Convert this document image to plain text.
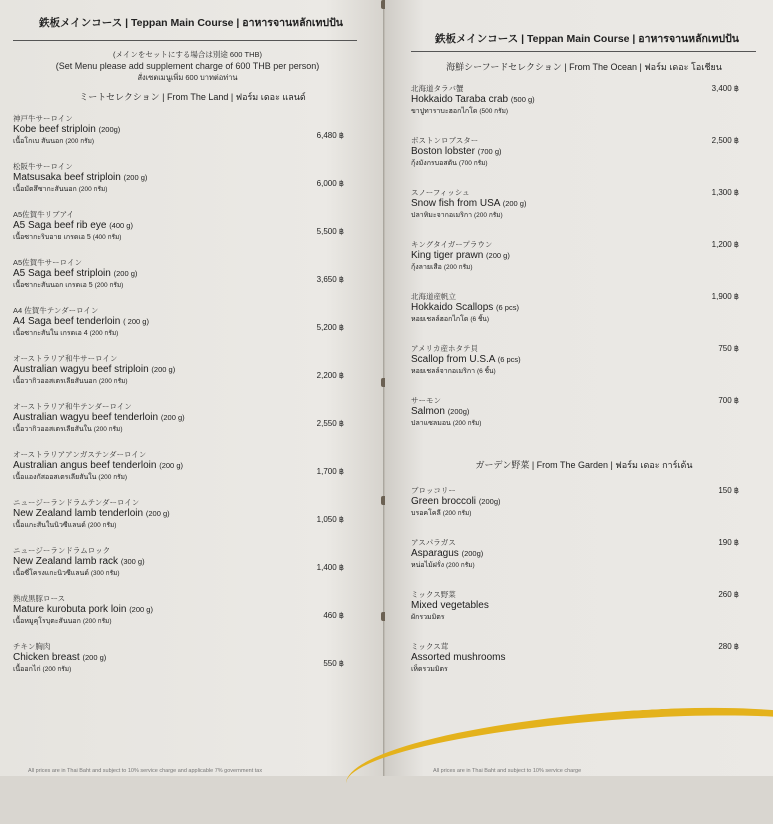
鉄板メインコース | Teppan Main Course | อาหารจานหลักเทปปัน
(メインをセットにする場合は別途 600 THB)
(Set Menu please add supplement charge of 600 THB per person)
สั่งเซตเมนูเพิ่ม 600 บาทต่อท่าน
ミートセレクション | From The Land | ฟอร์ม เดอะ แลนด์
神戸牛サーロイン
Kobe beef striploin (200g)
เนื้อโกเบ สันนอก (200 กรัม)
6,480 ฿
松阪牛サーロイン
Matsusaka beef striploin (200 g)
เนื้อมัตสึซากะสันนอก (200 กรัม)
6,000 ฿
A5佐賀牛リブアイ
A5 Saga beef rib eye (400 g)
เนื้อซากะริบอาย เกรดเอ 5 (400 กรัม)
5,500 ฿
A5佐賀牛サーロイン
A5 Saga beef striploin (200 g)
เนื้อซากะสันนอก เกรดเอ 5 (200 กรัม)
3,650 ฿
A4 佐賀牛テンダーロイン
A4 Saga beef tenderloin ( 200 g)
เนื้อซากะสันใน เกรดเอ 4 (200 กรัม)
5,200 ฿
オーストラリア和牛サーロイン
Australian wagyu beef striploin (200 g)
เนื้อวากิวออสเตรเลียสันนอก (200 กรัม)
2,200 ฿
オーストラリア和牛テンダーロイン
Australian wagyu beef tenderloin (200 g)
เนื้อวากิวออสเตรเลียสันใน (200 กรัม)
2,550 ฿
オーストラリアアンガステンダーロイン
Australian angus beef tenderloin (200 g)
เนื้อแองกัสออสเตรเลียสันใน (200 กรัม)
1,700 ฿
ニュージーランドラムテンダーロイン
New Zealand lamb tenderloin (200 g)
เนื้อแกะสันในนิวซีแลนด์ (200 กรัม)
1,050 ฿
ニュージーランドラムロック
New Zealand lamb rack (300 g)
เนื้อซี่โครงแกะนิวซีแลนด์ (300 กรัม)
1,400 ฿
熟成黒豚ロース
Mature kurobuta pork loin (200 g)
เนื้อหมูคุโรบุตะสันนอก (200 กรัม)
460 ฿
チキン胸肉
Chicken breast (200 g)
เนื้ออกไก่ (200 กรัม)
550 ฿
All prices are in Thai Baht and subject to 10% service charge and applicable 7% government tax
鉄板メインコース | Teppan Main Course | อาหารจานหลักเทปปัน
海鮮シーフードセレクション | From The Ocean | ฟอร์ม เดอะ โอเชียน
北海道タラバ蟹
Hokkaido Taraba crab (500 g)
ขาปูทาราบะฮอกไกโด (500 กรัม)
3,400 ฿
ボストンロブスター
Boston lobster (700 g)
กุ้งมังกรบอสตัน (700 กรัม)
2,500 ฿
スノーフィッシュ
Snow fish from USA (200 g)
ปลาหิมะจากอเมริกา (200 กรัม)
1,300 ฿
キングタイガープラウン
King tiger prawn (200 g)
กุ้งลายเสือ (200 กรัม)
1,200 ฿
北海道産帆立
Hokkaido Scallops (6 pcs)
หอยเชลล์ฮอกไกโด (6 ชิ้น)
1,900 ฿
アメリカ産ホタテ貝
Scallop from U.S.A (6 pcs)
หอยเชลล์จากอเมริกา (6 ชิ้น)
750 ฿
サーモン
Salmon (200g)
ปลาแซลมอน (200 กรัม)
700 ฿
ガーデン野菜 | From The Garden | ฟอร์ม เดอะ การ์เด้น
ブロッコリー
Green broccoli (200g)
บรอคโคลี (200 กรัม)
150 ฿
アスパラガス
Asparagus (200g)
หน่อไม้ฝรั่ง (200 กรัม)
190 ฿
ミックス野菜
Mixed vegetables
ผักรวมมิตร
260 ฿
ミックス茸
Assorted mushrooms
เห็ดรวมมิตร
280 ฿
All prices are in Thai Baht and subject to 10% service charge
